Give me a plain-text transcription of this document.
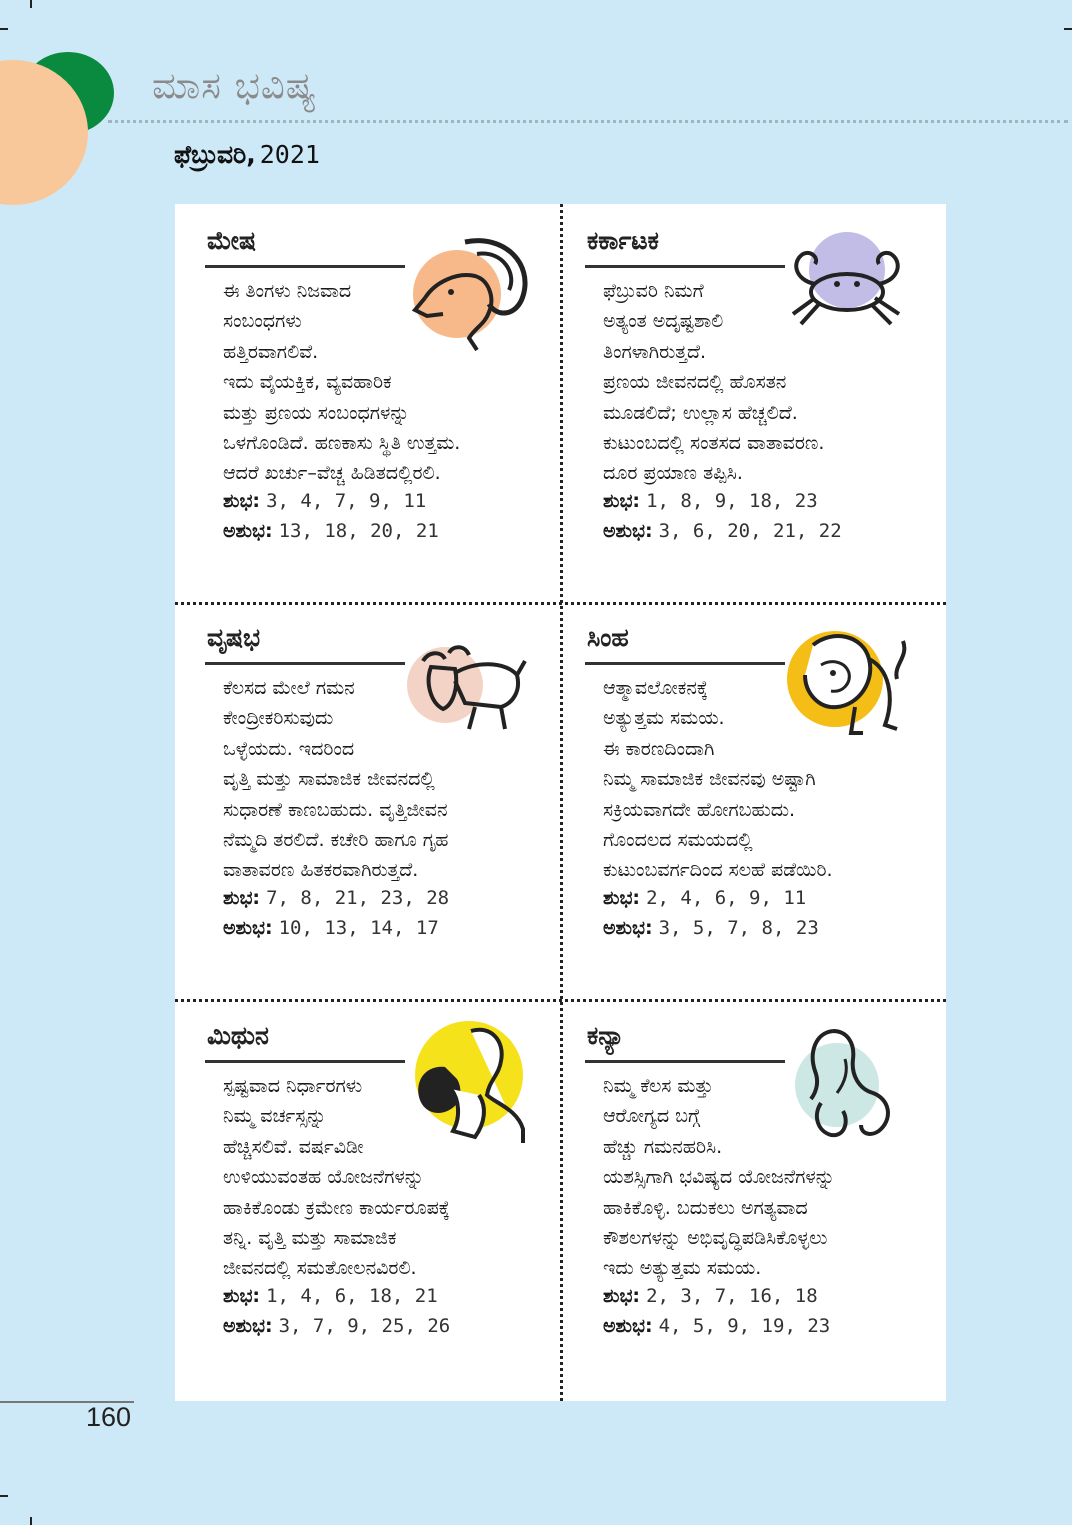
ಮಾಸ ಭವಿಷ್ಯ
ಫೆಬ್ರುವರಿ, 2021
ಮೇಷ
ಈ ತಿಂಗಳು ನಿಜವಾದ
ಸಂಬಂಧಗಳು
ಹತ್ತಿರವಾಗಲಿವೆ.
ಇದು ವೈಯಕ್ತಿಕ, ವ್ಯವಹಾರಿಕ
ಮತ್ತು ಪ್ರಣಯ ಸಂಬಂಧಗಳನ್ನು
ಒಳಗೊಂಡಿದೆ. ಹಣಕಾಸು ಸ್ಥಿತಿ ಉತ್ತಮ.
ಆದರೆ ಖರ್ಚು–ವೆಚ್ಚ ಹಿಡಿತದಲ್ಲಿರಲಿ.
ಶುಭ: 3, 4, 7, 9, 11
ಅಶುಭ: 13, 18, 20, 21
ಕರ್ಕಾಟಕ
ಫೆಬ್ರುವರಿ ನಿಮಗೆ
ಅತ್ಯಂತ ಅದೃಷ್ಟಶಾಲಿ
ತಿಂಗಳಾಗಿರುತ್ತದೆ.
ಪ್ರಣಯ ಜೀವನದಲ್ಲಿ ಹೊಸತನ
ಮೂಡಲಿದೆ; ಉಲ್ಲಾಸ ಹೆಚ್ಚಲಿದೆ.
ಕುಟುಂಬದಲ್ಲಿ ಸಂತಸದ ವಾತಾವರಣ.
ದೂರ ಪ್ರಯಾಣ ತಪ್ಪಿಸಿ.
ಶುಭ: 1, 8, 9, 18, 23
ಅಶುಭ: 3, 6, 20, 21, 22
ವೃಷಭ
ಕೆಲಸದ ಮೇಲೆ ಗಮನ
ಕೇಂದ್ರೀಕರಿಸುವುದು
ಒಳ್ಳೆಯದು. ಇದರಿಂದ
ವೃತ್ತಿ ಮತ್ತು ಸಾಮಾಜಿಕ ಜೀವನದಲ್ಲಿ
ಸುಧಾರಣೆ ಕಾಣಬಹುದು. ವೃತ್ತಿಜೀವನ
ನೆಮ್ಮದಿ ತರಲಿದೆ. ಕಚೇರಿ ಹಾಗೂ ಗೃಹ
ವಾತಾವರಣ ಹಿತಕರವಾಗಿರುತ್ತದೆ.
ಶುಭ: 7, 8, 21, 23, 28
ಅಶುಭ: 10, 13, 14, 17
ಸಿಂಹ
ಆತ್ಮಾವಲೋಕನಕ್ಕೆ
ಅತ್ಯುತ್ತಮ ಸಮಯ.
ಈ ಕಾರಣದಿಂದಾಗಿ
ನಿಮ್ಮ ಸಾಮಾಜಿಕ ಜೀವನವು ಅಷ್ಟಾಗಿ
ಸಕ್ರಿಯವಾಗದೇ ಹೋಗಬಹುದು.
ಗೊಂದಲದ ಸಮಯದಲ್ಲಿ
ಕುಟುಂಬವರ್ಗದಿಂದ ಸಲಹೆ ಪಡೆಯಿರಿ.
ಶುಭ: 2, 4, 6, 9, 11
ಅಶುಭ: 3, 5, 7, 8, 23
ಮಿಥುನ
ಸ್ಪಷ್ಟವಾದ ನಿರ್ಧಾರಗಳು
ನಿಮ್ಮ ವರ್ಚಸ್ಸನ್ನು
ಹೆಚ್ಚಿಸಲಿವೆ. ವರ್ಷವಿಡೀ
ಉಳಿಯುವಂತಹ ಯೋಜನೆಗಳನ್ನು
ಹಾಕಿಕೊಂಡು ಕ್ರಮೇಣ ಕಾರ್ಯರೂಪಕ್ಕೆ
ತನ್ನಿ. ವೃತ್ತಿ ಮತ್ತು ಸಾಮಾಜಿಕ
ಜೀವನದಲ್ಲಿ ಸಮತೋಲನವಿರಲಿ.
ಶುಭ: 1, 4, 6, 18, 21
ಅಶುಭ: 3, 7, 9, 25, 26
ಕನ್ಯಾ
ನಿಮ್ಮ ಕೆಲಸ ಮತ್ತು
ಆರೋಗ್ಯದ ಬಗ್ಗೆ
ಹೆಚ್ಚು ಗಮನಹರಿಸಿ.
ಯಶಸ್ಸಿಗಾಗಿ ಭವಿಷ್ಯದ ಯೋಜನೆಗಳನ್ನು
ಹಾಕಿಕೊಳ್ಳಿ. ಬದುಕಲು ಅಗತ್ಯವಾದ
ಕೌಶಲಗಳನ್ನು ಅಭಿವೃದ್ಧಿಪಡಿಸಿಕೊಳ್ಳಲು
ಇದು ಅತ್ಯುತ್ತಮ ಸಮಯ.
ಶುಭ: 2, 3, 7, 16, 18
ಅಶುಭ: 4, 5, 9, 19, 23
160
